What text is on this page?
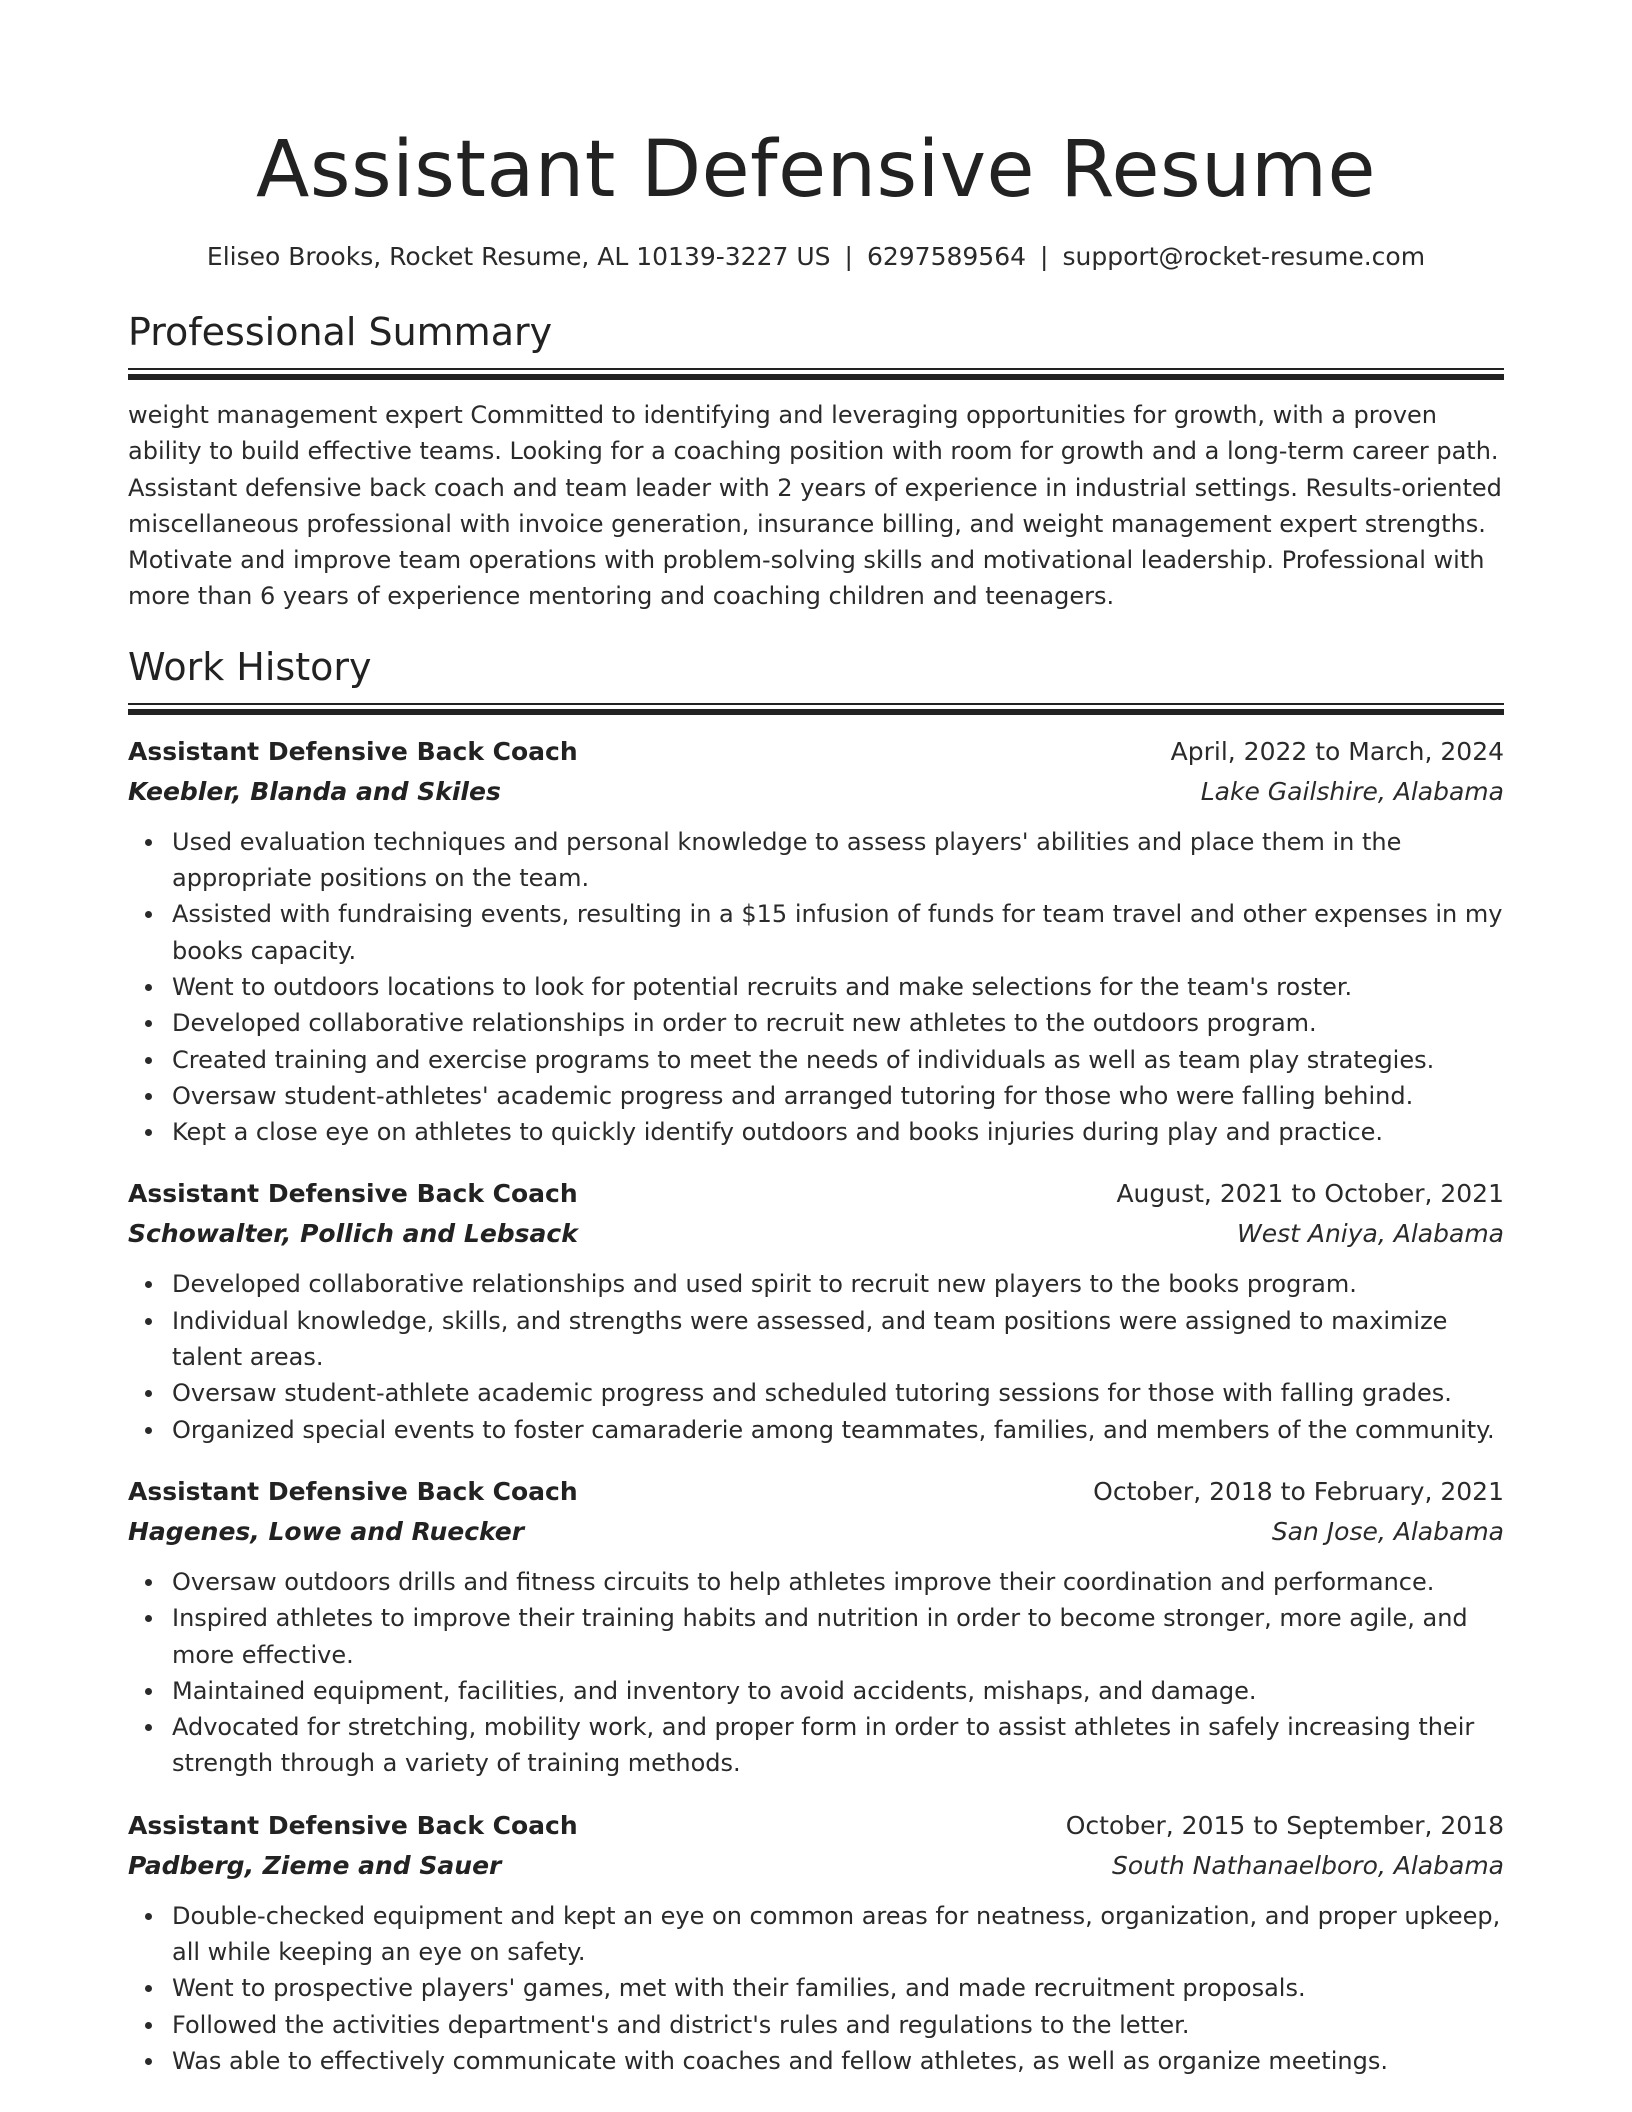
Assistant Defensive Resume
Eliseo Brooks, Rocket Resume, AL 10139-3227 US | 6297589564 | support@rocket-resume.com
Professional Summary

weight management expert Committed to identifying and leveraging opportunities for growth, with a proven ability to build effective teams. Looking for a coaching position with room for growth and a long-term career path. Assistant defensive back coach and team leader with 2 years of experience in industrial settings. Results-oriented miscellaneous professional with invoice generation, insurance billing, and weight management expert strengths. Motivate and improve team operations with problem-solving skills and motivational leadership. Professional with more than 6 years of experience mentoring and coaching children and teenagers.

Work History
Assistant Defensive Back Coach	April, 2022 to March, 2024
Keebler, Blanda and Skiles	Lake Gailshire, Alabama
Used evaluation techniques and personal knowledge to assess players' abilities and place them in the appropriate positions on the team.
Assisted with fundraising events, resulting in a $15 infusion of funds for team travel and other expenses in my books capacity.
Went to outdoors locations to look for potential recruits and make selections for the team's roster.
Developed collaborative relationships in order to recruit new athletes to the outdoors program.
Created training and exercise programs to meet the needs of individuals as well as team play strategies.
Oversaw student-athletes' academic progress and arranged tutoring for those who were falling behind.
Kept a close eye on athletes to quickly identify outdoors and books injuries during play and practice.
Assistant Defensive Back Coach	August, 2021 to October, 2021
Schowalter, Pollich and Lebsack	West Aniya, Alabama
Developed collaborative relationships and used spirit to recruit new players to the books program.
Individual knowledge, skills, and strengths were assessed, and team positions were assigned to maximize talent areas.
Oversaw student-athlete academic progress and scheduled tutoring sessions for those with falling grades.
Organized special events to foster camaraderie among teammates, families, and members of the community.
Assistant Defensive Back Coach	October, 2018 to February, 2021
Hagenes, Lowe and Ruecker	San Jose, Alabama
Oversaw outdoors drills and fitness circuits to help athletes improve their coordination and performance.
Inspired athletes to improve their training habits and nutrition in order to become stronger, more agile, and more effective.
Maintained equipment, facilities, and inventory to avoid accidents, mishaps, and damage.
Advocated for stretching, mobility work, and proper form in order to assist athletes in safely increasing their strength through a variety of training methods.
Assistant Defensive Back Coach	October, 2015 to September, 2018
Padberg, Zieme and Sauer	South Nathanaelboro, Alabama
Double-checked equipment and kept an eye on common areas for neatness, organization, and proper upkeep, all while keeping an eye on safety.
Went to prospective players' games, met with their families, and made recruitment proposals.
Followed the activities department's and district's rules and regulations to the letter.
Was able to effectively communicate with coaches and fellow athletes, as well as organize meetings.
